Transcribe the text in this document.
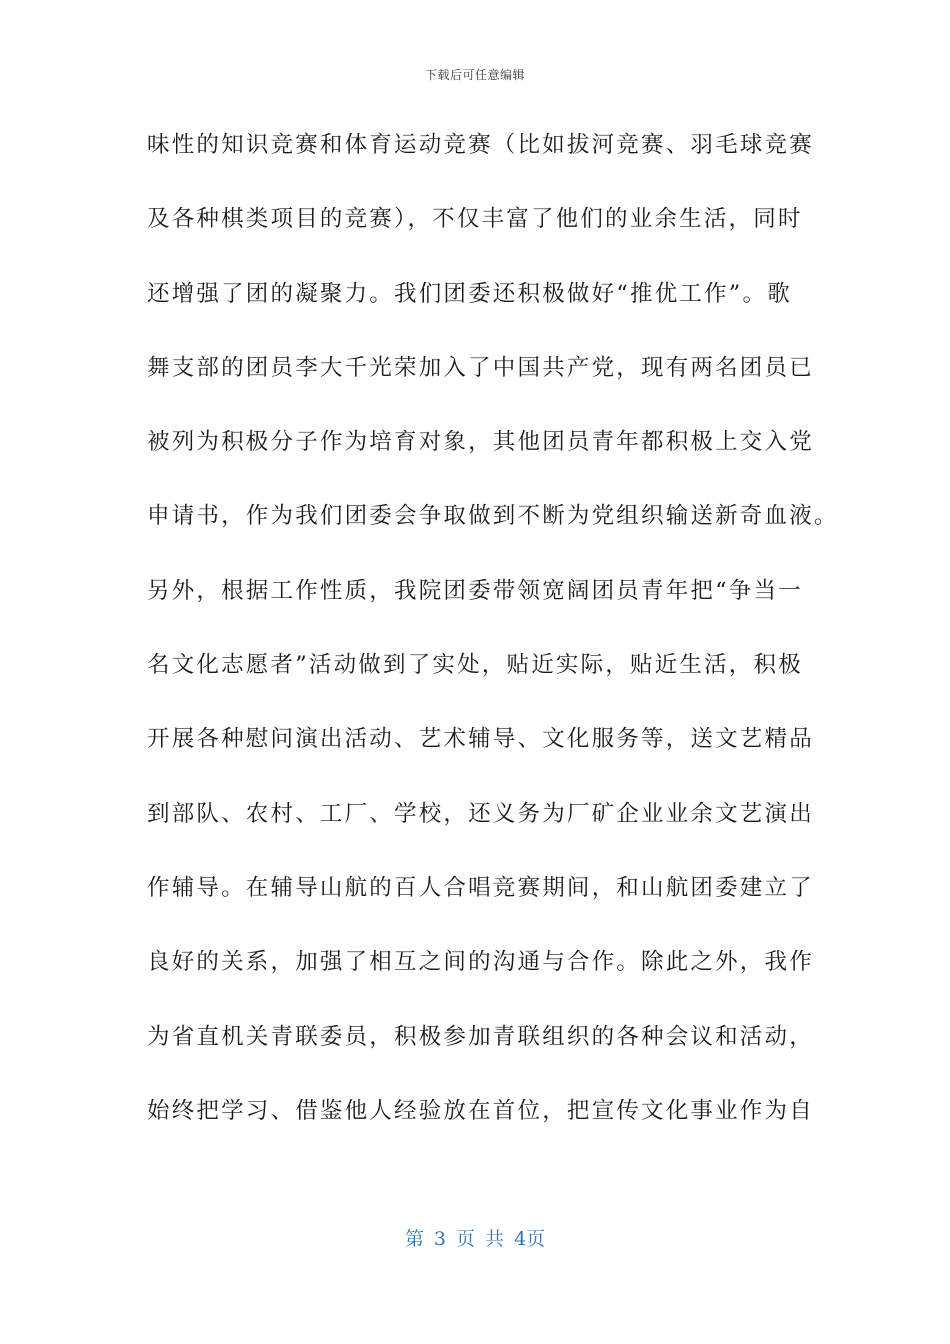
下载后可任意编辑
味性的知识竞赛和体育运动竞赛（比如拔河竞赛、羽毛球竞赛
及各种棋类项目的竞赛），不仅丰富了他们的业余生活，同时
还增强了团的凝聚力。我们团委还积极做好“推优工作”。歌
舞支部的团员李大千光荣加入了中国共产党，现有两名团员已
被列为积极分子作为培育对象，其他团员青年都积极上交入党
申请书，作为我们团委会争取做到不断为党组织输送新奇血液。
另外，根据工作性质，我院团委带领宽阔团员青年把“争当一
名文化志愿者”活动做到了实处，贴近实际，贴近生活，积极
开展各种慰问演出活动、艺术辅导、文化服务等，送文艺精品
到部队、农村、工厂、学校，还义务为厂矿企业业余文艺演出
作辅导。在辅导山航的百人合唱竞赛期间，和山航团委建立了
良好的关系，加强了相互之间的沟通与合作。除此之外，我作
为省直机关青联委员，积极参加青联组织的各种会议和活动，
始终把学习、借鉴他人经验放在首位，把宣传文化事业作为自
第 3 页 共 4页
